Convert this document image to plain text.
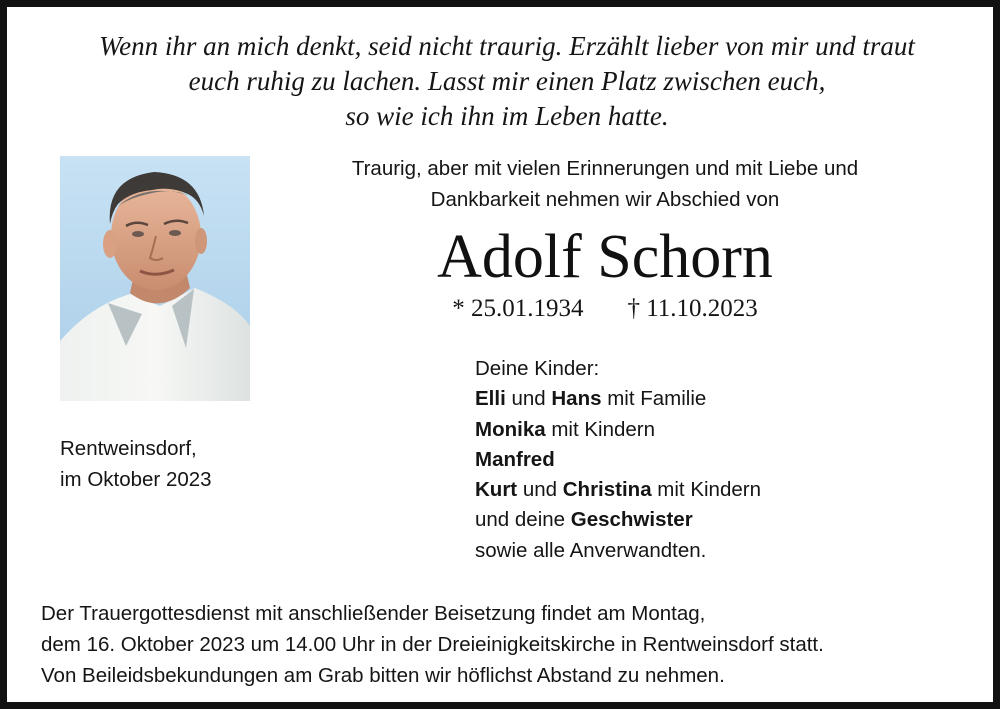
Wenn ihr an mich denkt, seid nicht traurig. Erzählt lieber von mir und traut
euch ruhig zu lachen. Lasst mir einen Platz zwischen euch,
so wie ich ihn im Leben hatte.
Traurig, aber mit vielen Erinnerungen und mit Liebe und
Dankbarkeit nehmen wir Abschied von
Adolf Schorn
* 25.01.1934 † 11.10.2023
Rentweinsdorf,
im Oktober 2023
Deine Kinder:
Elli und Hans mit Familie
Monika mit Kindern
Manfred
Kurt und Christina mit Kindern
und deine Geschwister
sowie alle Anverwandten.
Der Trauergottesdienst mit anschließender Beisetzung findet am Montag,
dem 16. Oktober 2023 um 14.00 Uhr in der Dreieinigkeitskirche in Rentweinsdorf statt.
Von Beileidsbekundungen am Grab bitten wir höflichst Abstand zu nehmen.
